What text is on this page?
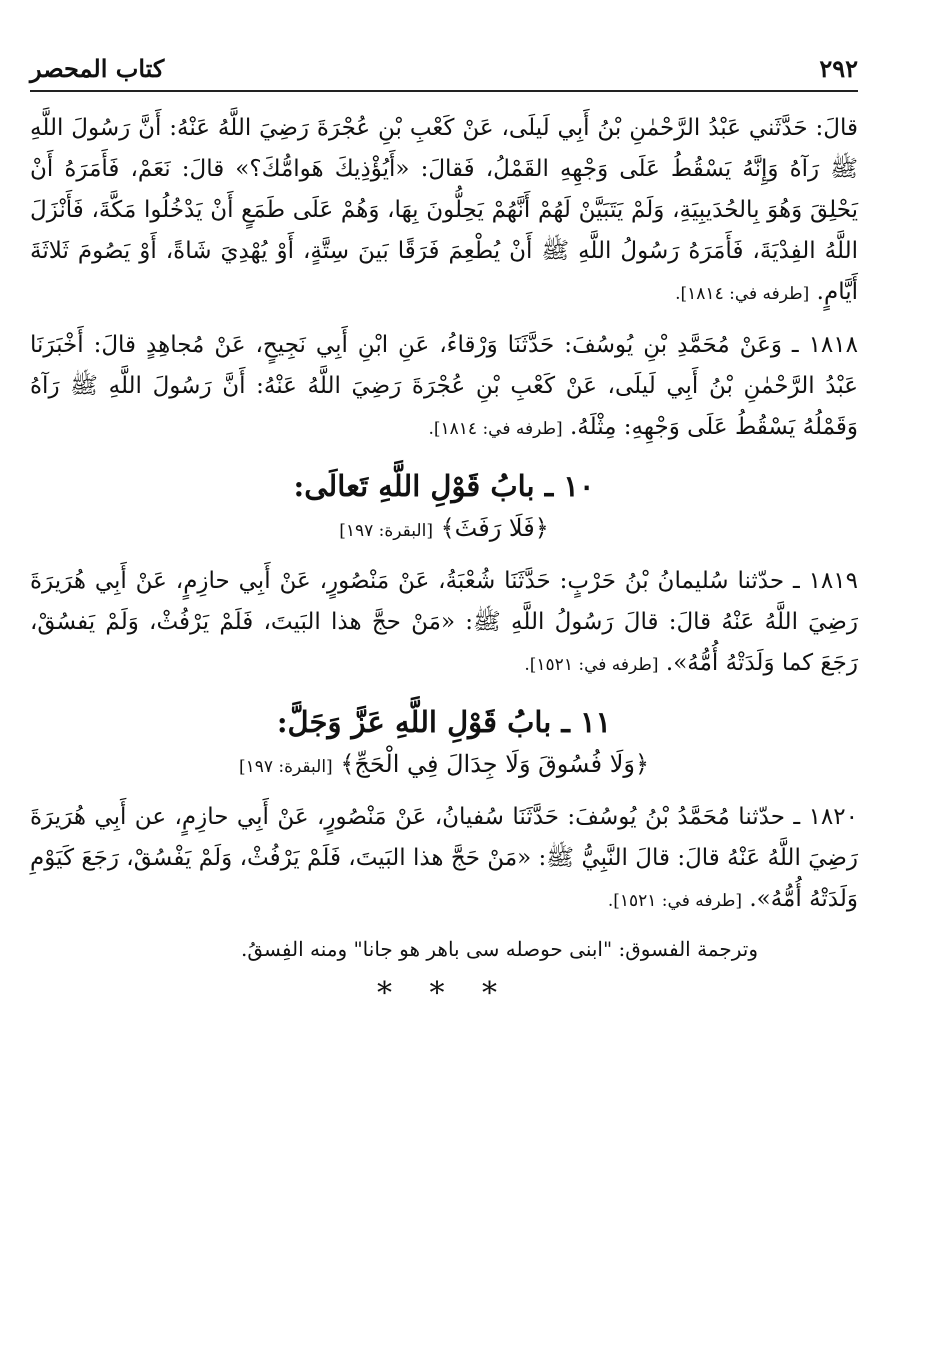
٢٩٢
كتاب المحصر

قالَ: حَدَّثَني عَبْدُ الرَّحْمٰنِ بْنُ أَبِي لَيلَى، عَنْ كَعْبِ بْنِ عُجْرَةَ رَضِيَ اللَّهُ عَنْهُ: أَنَّ رَسُولَ اللَّهِ ﷺ رَآهُ وَإِنَّهُ يَسْقُطُ عَلَى وَجْهِهِ القَمْلُ، فَقالَ: «أَيُؤْذِيكَ هَوامُّكَ؟» قالَ: نَعَمْ، فَأَمَرَهُ أَنْ يَحْلِقَ وَهُوَ بِالحُدَيبِيَةِ، وَلَمْ يَتَبَيَّنْ لَهُمْ أَنَّهُمْ يَحِلُّونَ بِهَا، وَهُمْ عَلَى طَمَعٍ أَنْ يَدْخُلُوا مَكَّةَ، فَأَنْزَلَ اللَّهُ الفِدْيَةَ، فَأَمَرَهُ رَسُولُ اللَّهِ ﷺ أَنْ يُطْعِمَ فَرَقًا بَينَ سِتَّةٍ، أَوْ يُهْدِيَ شَاةً، أَوْ يَصُومَ ثَلاثَةَ أَيَّامٍ. [طرفه في: ١٨١٤].

١٨١٨ ـ وَعَنْ مُحَمَّدِ بْنِ يُوسُفَ: حَدَّثَنَا وَرْقاءُ، عَنِ ابْنِ أَبِي نَجِيحٍ، عَنْ مُجاهِدٍ قالَ: أَخْبَرَنَا عَبْدُ الرَّحْمٰنِ بْنُ أَبِي لَيلَى، عَنْ كَعْبِ بْنِ عُجْرَةَ رَضِيَ اللَّهُ عَنْهُ: أَنَّ رَسُولَ اللَّهِ ﷺ رَآهُ وَقَمْلُهُ يَسْقُطُ عَلَى وَجْهِهِ: مِثْلَهُ. [طرفه في: ١٨١٤].

١٠ ـ بابُ قَوْلِ اللَّهِ تَعالَى:
﴿فَلَا رَفَثَ﴾ [البقرة: ١٩٧]

١٨١٩ ـ حدّثنا سُليمانُ بْنُ حَرْبٍ: حَدَّثَنَا شُعْبَةُ، عَنْ مَنْصُورٍ، عَنْ أَبِي حازِمٍ، عَنْ أَبِي هُرَيرَةَ رَضِيَ اللَّهُ عَنْهُ قالَ: قالَ رَسُولُ اللَّهِ ﷺ: «مَنْ حجَّ هذا البَيتَ، فَلَمْ يَرْفُثْ، وَلَمْ يَفسُقْ، رَجَعَ كما وَلَدَتْهُ أُمُّهُ». [طرفه في: ١٥٢١].

١١ ـ بابُ قَوْلِ اللَّهِ عَزَّ وَجَلَّ:
﴿وَلَا فُسُوقَ وَلَا جِدَالَ فِي الْحَجِّ﴾ [البقرة: ١٩٧]

١٨٢٠ ـ حدّثنا مُحَمَّدُ بْنُ يُوسُفَ: حَدَّثَنَا سُفيانُ، عَنْ مَنْصُورٍ، عَنْ أَبِي حازِمٍ، عن أَبِي هُرَيرَةَ رَضِيَ اللَّهُ عَنْهُ قالَ: قالَ النَّبِيُّ ﷺ: «مَنْ حَجَّ هذا البَيتَ، فَلَمْ يَرْفُثْ، وَلَمْ يَفْسُقْ، رَجَعَ كَيَوْمِ وَلَدَتْهُ أُمُّهُ». [طرفه في: ١٥٢١].

وترجمة الفسوق: "ابنى حوصله سى باهر هو جانا" ومنه الفِسقُ.
* * *
